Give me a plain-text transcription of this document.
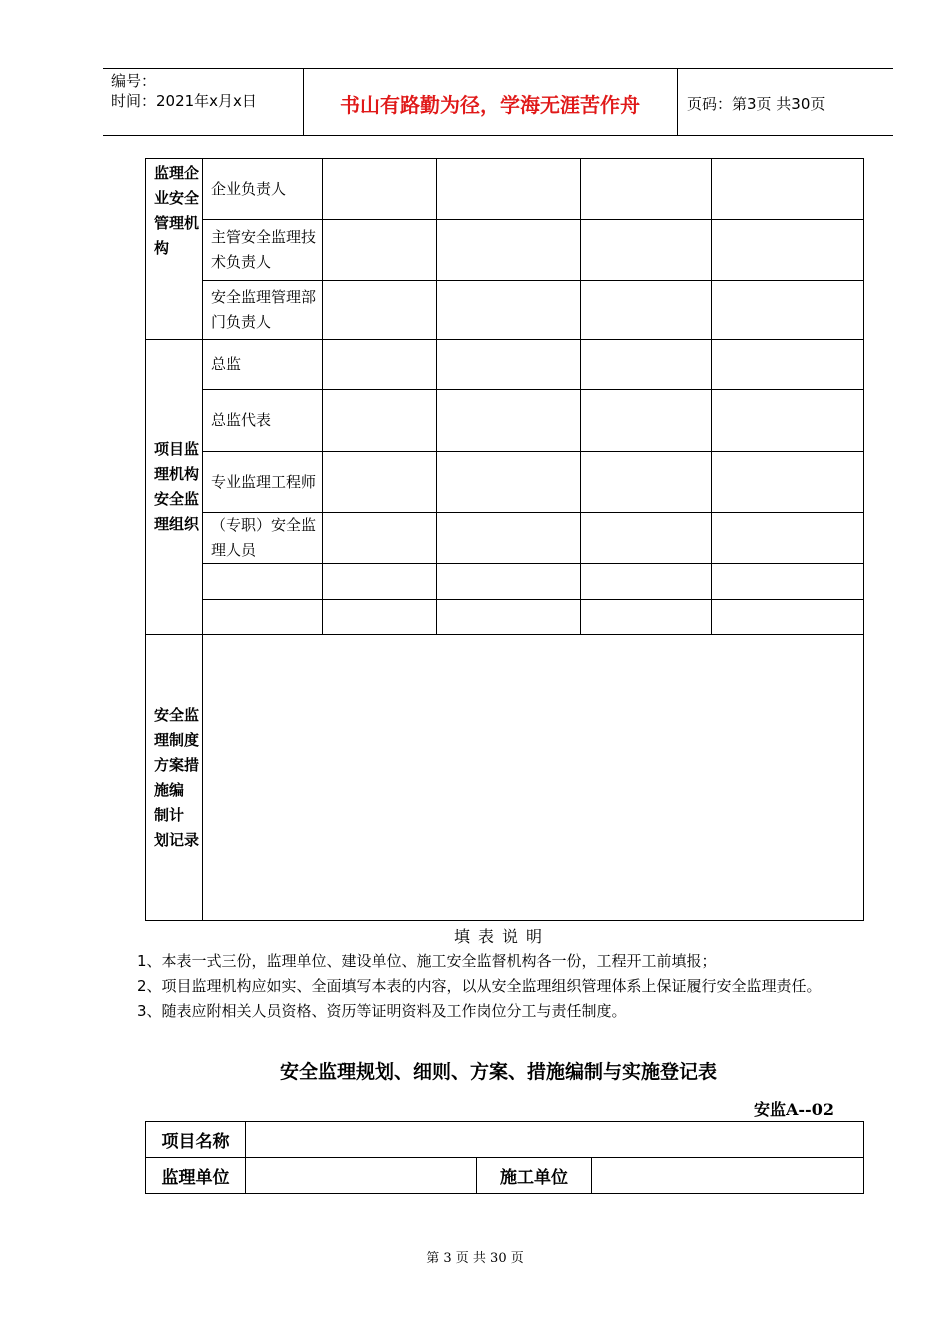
编号：
时间：2021年x月x日	书山有路勤为径，学海无涯苦作舟	页码：第3页 共30页
监理企业安全管理机构	企业负责人				
	主管安全监理技术负责人				
	安全监理管理部门负责人				
项目监理机构安全监理组织	总监				
	总监代表				
	专业监理工程师				
	（专职）安全监理人员				

安全监理制度方案措施编 制计 划记录					
填表说明
1、本表一式三份，监理单位、建设单位、施工安全监督机构各一份，工程开工前填报；
2、项目监理机构应如实、全面填写本表的内容，以从安全监理组织管理体系上保证履行安全监理责任。
3、随表应附相关人员资格、资历等证明资料及工作岗位分工与责任制度。
安全监理规划、细则、方案、措施编制与实施登记表
安监A--02
项目名称			
监理单位		施工单位	
第 3 页 共 30 页
